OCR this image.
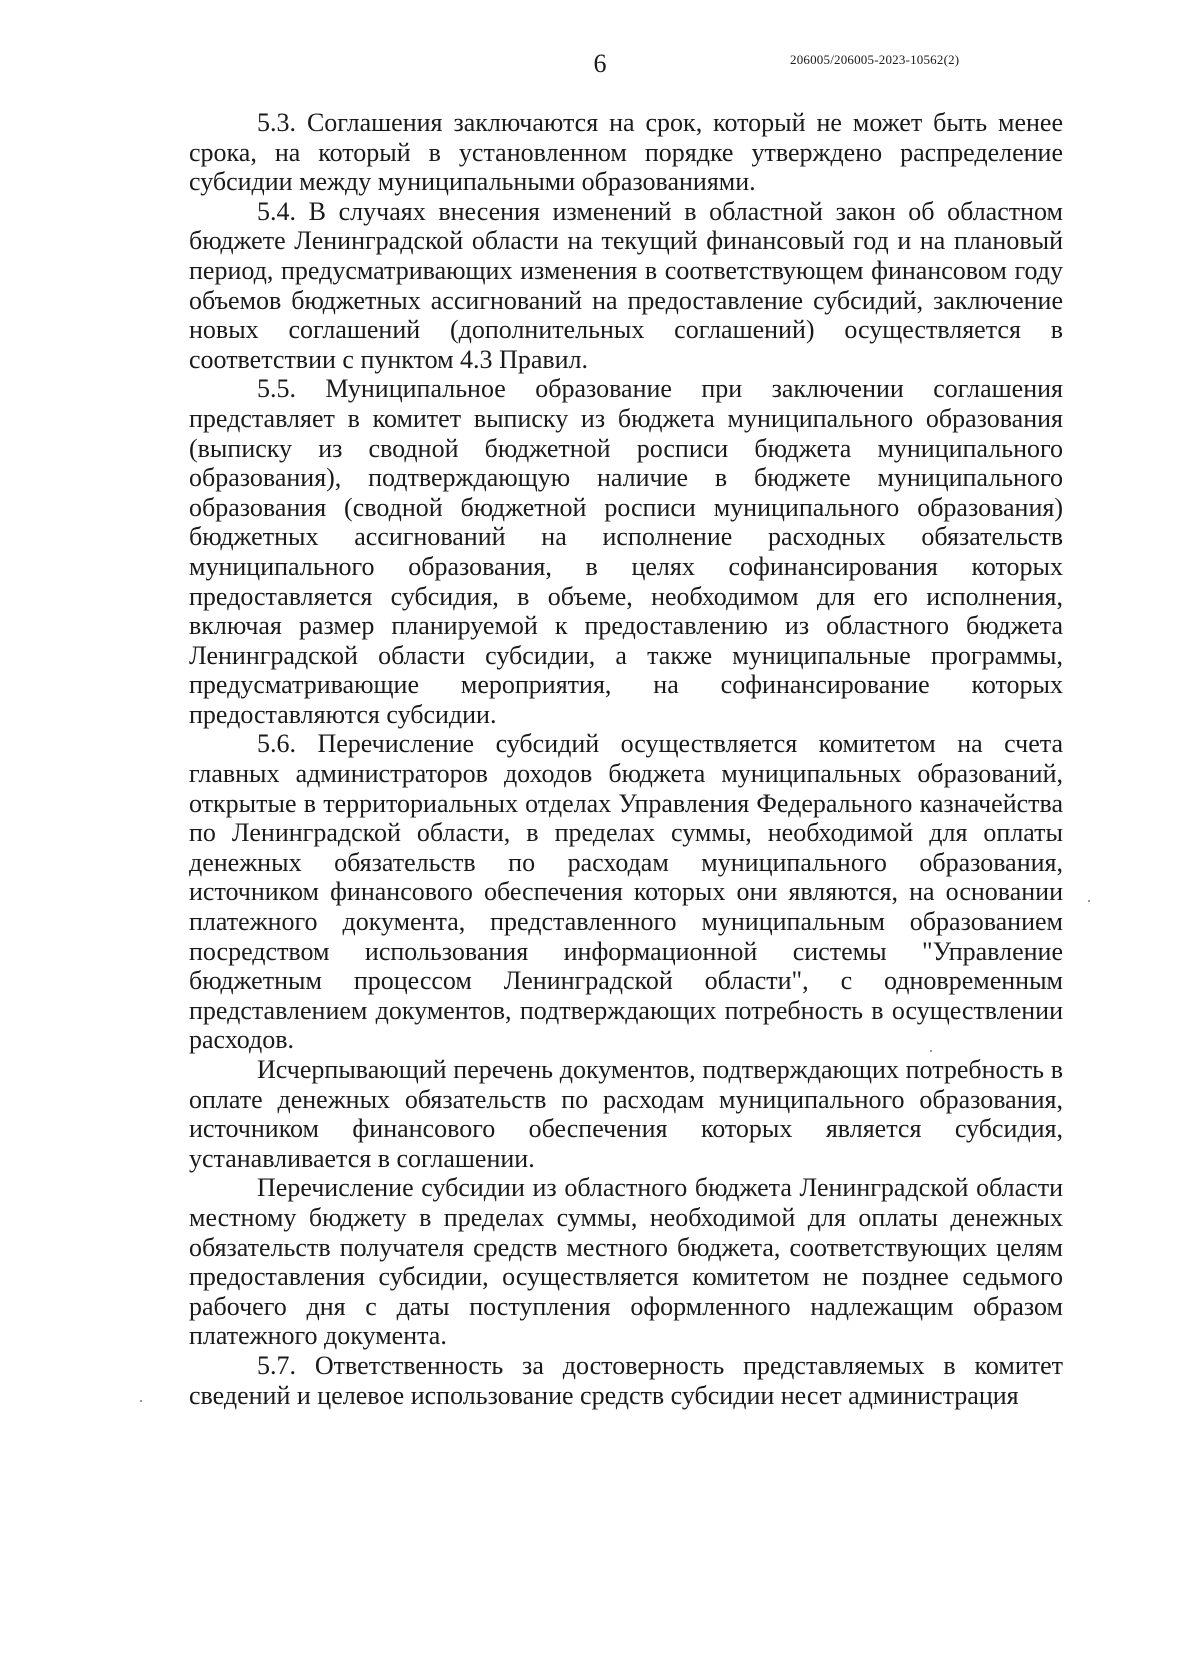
6	206005/206005-2023-10562(2)

5.3. Соглашения заключаются на срок, который не может быть менее срока, на который в установленном порядке утверждено распределение субсидии между муниципальными образованиями.

5.4. В случаях внесения изменений в областной закон об областном бюджете Ленинградской области на текущий финансовый год и на плановый период, предусматривающих изменения в соответствующем финансовом году объемов бюджетных ассигнований на предоставление субсидий, заключение новых соглашений (дополнительных соглашений) осуществляется в соответствии с пунктом 4.3 Правил.

5.5. Муниципальное образование при заключении соглашения представляет в комитет выписку из бюджета муниципального образования (выписку из сводной бюджетной росписи бюджета муниципального образования), подтверждающую наличие в бюджете муниципального образования (сводной бюджетной росписи муниципального образования) бюджетных ассигнований на исполнение расходных обязательств муниципального образования, в целях софинансирования которых предоставляется субсидия, в объеме, необходимом для его исполнения, включая размер планируемой к предоставлению из областного бюджета Ленинградской области субсидии, а также муниципальные программы, предусматривающие мероприятия, на софинансирование которых предоставляются субсидии.

5.6. Перечисление субсидий осуществляется комитетом на счета главных администраторов доходов бюджета муниципальных образований, открытые в территориальных отделах Управления Федерального казначейства по Ленинградской области, в пределах суммы, необходимой для оплаты денежных обязательств по расходам муниципального образования, источником финансового обеспечения которых они являются, на основании платежного документа, представленного муниципальным образованием посредством использования информационной системы "Управление бюджетным процессом Ленинградской области", с одновременным представлением документов, подтверждающих потребность в осуществлении расходов.

Исчерпывающий перечень документов, подтверждающих потребность в оплате денежных обязательств по расходам муниципального образования, источником финансового обеспечения которых является субсидия, устанавливается в соглашении.

Перечисление субсидии из областного бюджета Ленинградской области местному бюджету в пределах суммы, необходимой для оплаты денежных обязательств получателя средств местного бюджета, соответствующих целям предоставления субсидии, осуществляется комитетом не позднее седьмого рабочего дня с даты поступления оформленного надлежащим образом платежного документа.

5.7. Ответственность за достоверность представляемых в комитет сведений и целевое использование средств субсидии несет администрация
